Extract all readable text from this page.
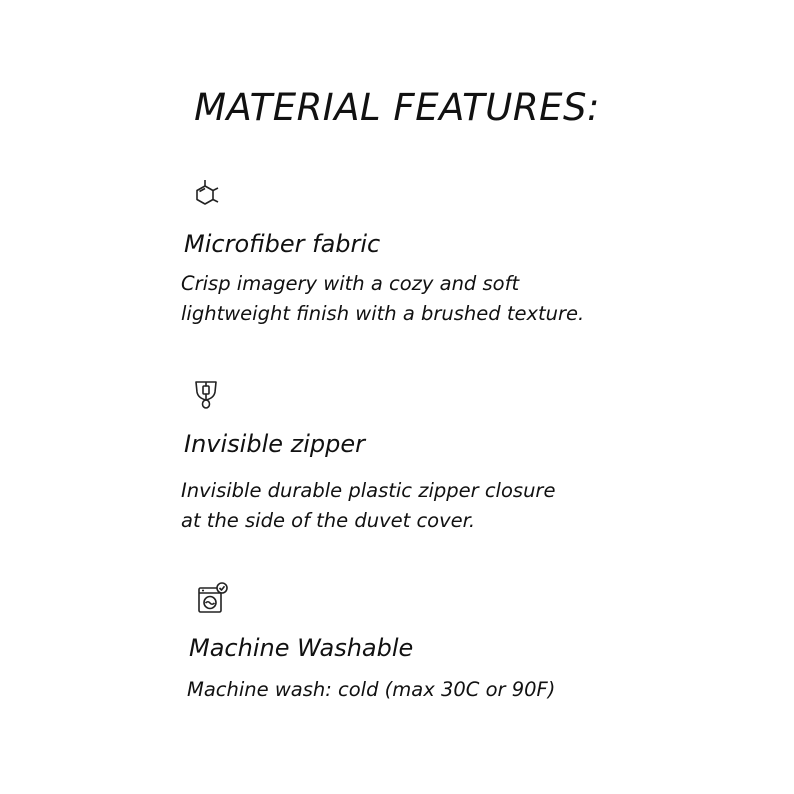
MATERIAL FEATURES:
Microfiber fabric
Crisp imagery with a cozy and soft
lightweight finish with a brushed texture.
Invisible zipper
Invisible durable plastic zipper closure
at the side of the duvet cover.
Machine Washable
Machine wash: cold (max 30C or 90F)
